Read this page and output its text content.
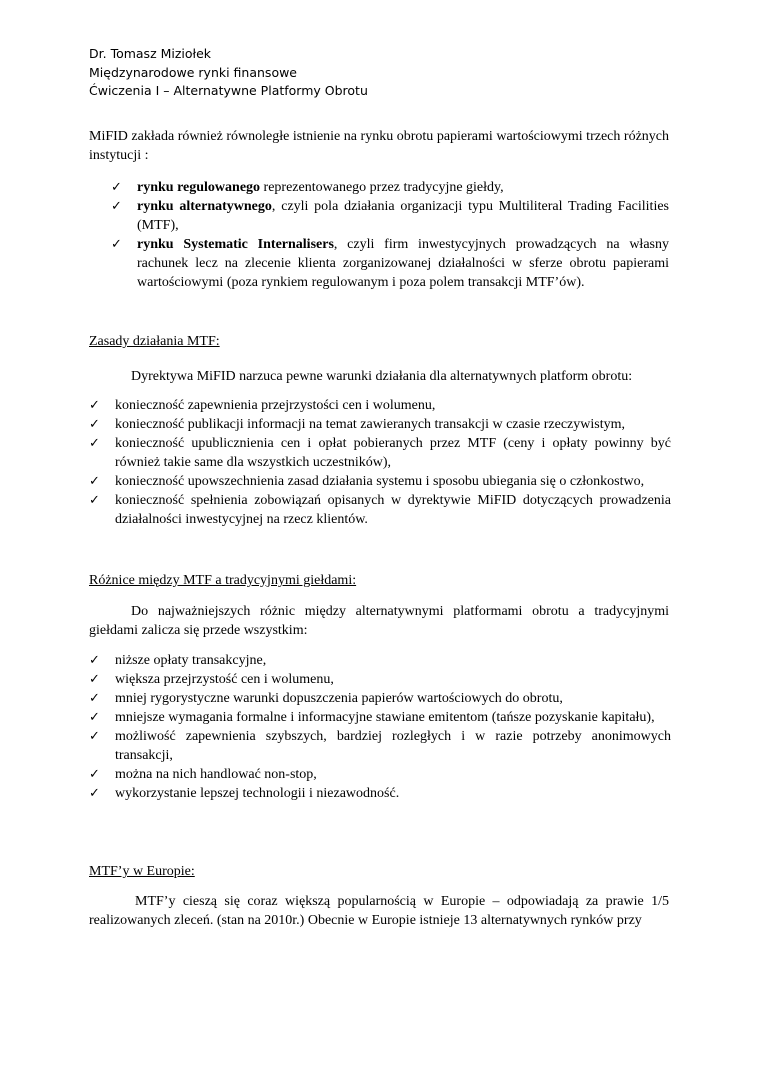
Dr. Tomasz Miziołek
Międzynarodowe rynki finansowe
Ćwiczenia I – Alternatywne Platformy Obrotu

MiFID zakłada również równoległe istnienie na rynku obrotu papierami wartościowymi trzech różnych instytucji :

✓ rynku regulowanego reprezentowanego przez tradycyjne giełdy,
✓ rynku alternatywnego, czyli pola działania organizacji typu Multiliteral Trading Facilities (MTF),
✓ rynku Systematic Internalisers, czyli firm inwestycyjnych prowadzących na własny rachunek lecz na zlecenie klienta zorganizowanej działalności w sferze obrotu papierami wartościowymi (poza rynkiem regulowanym i poza polem transakcji MTF’ów).

Zasady działania MTF:

Dyrektywa MiFID narzuca pewne warunki działania dla alternatywnych platform obrotu:

✓ konieczność zapewnienia przejrzystości cen i wolumenu,
✓ konieczność publikacji informacji na temat zawieranych transakcji w czasie rzeczywistym,
✓ konieczność upublicznienia cen i opłat pobieranych przez MTF (ceny i opłaty powinny być również takie same dla wszystkich uczestników),
✓ konieczność upowszechnienia zasad działania systemu i sposobu ubiegania się o członkostwo,
✓ konieczność spełnienia zobowiązań opisanych w dyrektywie MiFID dotyczących prowadzenia działalności inwestycyjnej na rzecz klientów.

Różnice między MTF a tradycyjnymi giełdami:

Do najważniejszych różnic między alternatywnymi platformami obrotu a tradycyjnymi giełdami zalicza się przede wszystkim:

✓ niższe opłaty transakcyjne,
✓ większa przejrzystość cen i wolumenu,
✓ mniej rygorystyczne warunki dopuszczenia papierów wartościowych do obrotu,
✓ mniejsze wymagania formalne i informacyjne stawiane emitentom (tańsze pozyskanie kapitału),
✓ możliwość zapewnienia szybszych, bardziej rozległych i w razie potrzeby anonimowych transakcji,
✓ można na nich handlować non-stop,
✓ wykorzystanie lepszej technologii i niezawodność.

MTF’y w Europie:

MTF’y cieszą się coraz większą popularnością w Europie – odpowiadają za prawie 1/5 realizowanych zleceń. (stan na 2010r.) Obecnie w Europie istnieje 13 alternatywnych rynków przy
